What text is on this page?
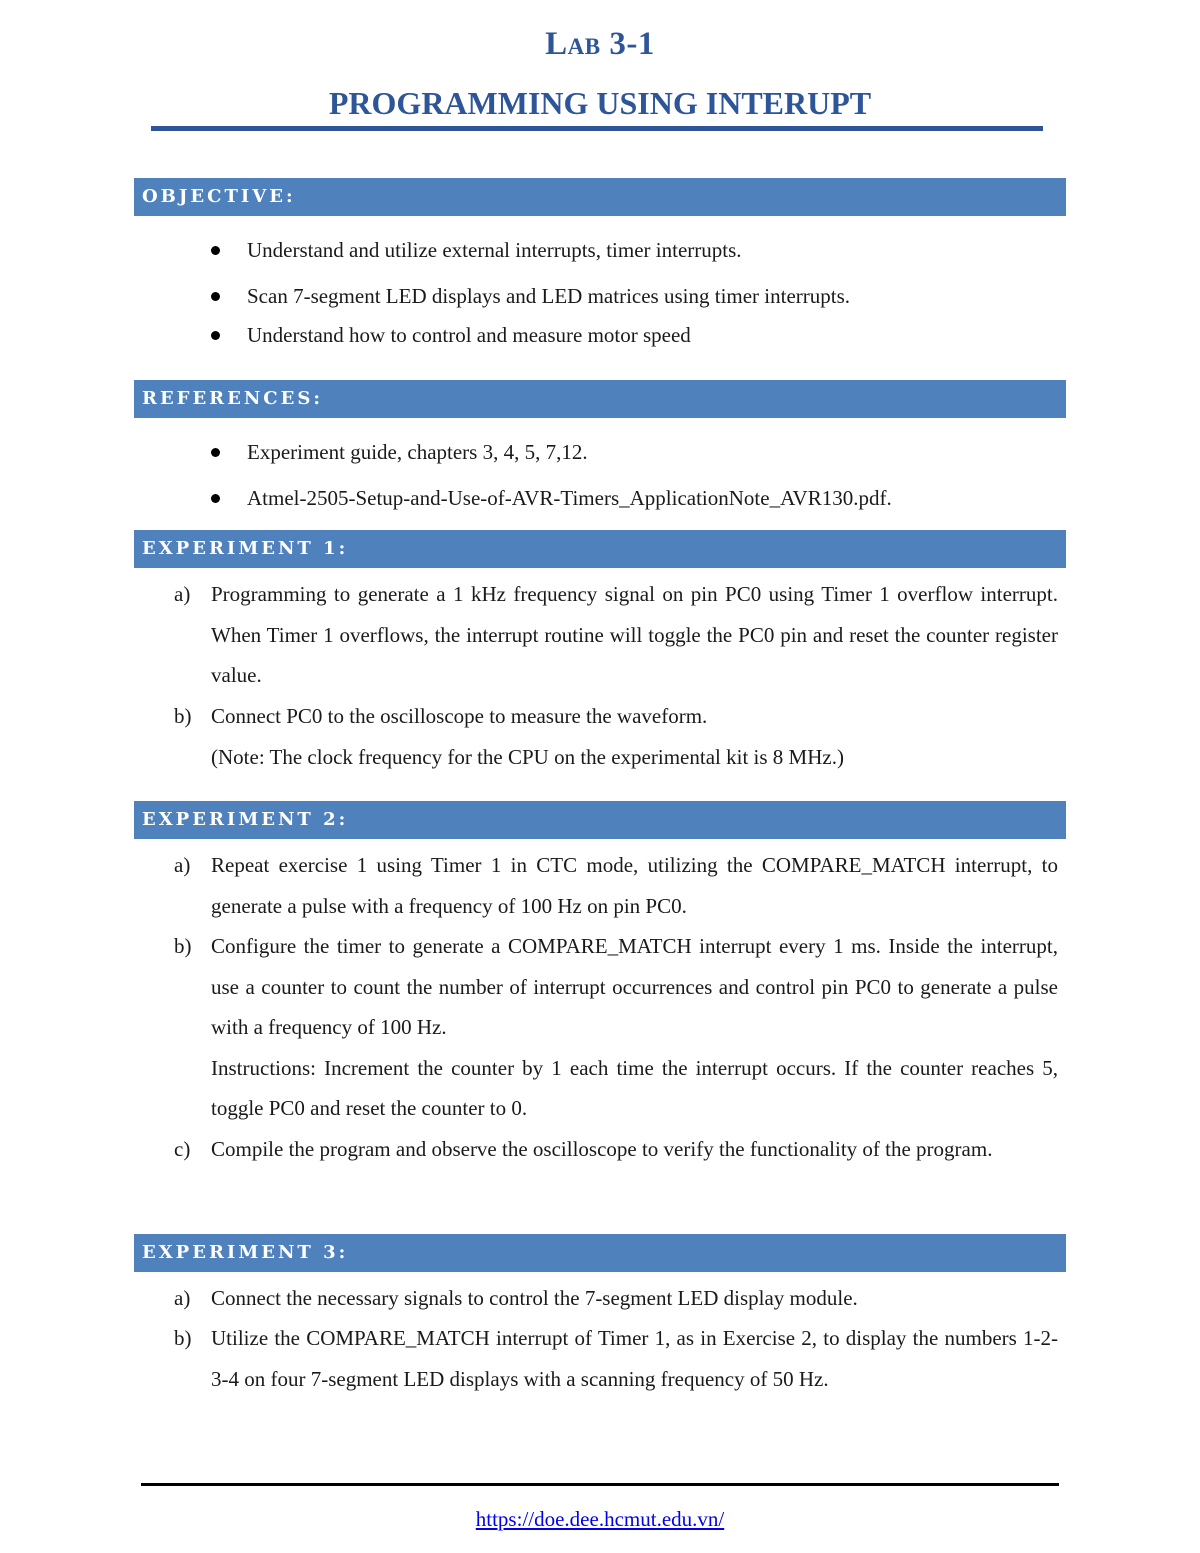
Lab 3-1
PROGRAMMING USING INTERUPT
OBJECTIVE:
Understand and utilize external interrupts, timer interrupts.
Scan 7-segment LED displays and LED matrices using timer interrupts.
Understand how to control and measure motor speed
REFERENCES:
Experiment guide, chapters 3, 4, 5, 7,12.
Atmel-2505-Setup-and-Use-of-AVR-Timers_ApplicationNote_AVR130.pdf.
EXPERIMENT 1:
a) Programming to generate a 1 kHz frequency signal on pin PC0 using Timer 1 overflow interrupt. When Timer 1 overflows, the interrupt routine will toggle the PC0 pin and reset the counter register value.

b) Connect PC0 to the oscilloscope to measure the waveform.

(Note: The clock frequency for the CPU on the experimental kit is 8 MHz.)

EXPERIMENT 2:
a) Repeat exercise 1 using Timer 1 in CTC mode, utilizing the COMPARE_MATCH interrupt, to generate a pulse with a frequency of 100 Hz on pin PC0.

b) Configure the timer to generate a COMPARE_MATCH interrupt every 1 ms. Inside the interrupt, use a counter to count the number of interrupt occurrences and control pin PC0 to generate a pulse with a frequency of 100 Hz.

Instructions: Increment the counter by 1 each time the interrupt occurs. If the counter reaches 5, toggle PC0 and reset the counter to 0.

c) Compile the program and observe the oscilloscope to verify the functionality of the program.

EXPERIMENT 3:
a) Connect the necessary signals to control the 7-segment LED display module.

b) Utilize the COMPARE_MATCH interrupt of Timer 1, as in Exercise 2, to display the numbers 1-2-3-4 on four 7-segment LED displays with a scanning frequency of 50 Hz.

https://doe.dee.hcmut.edu.vn/
